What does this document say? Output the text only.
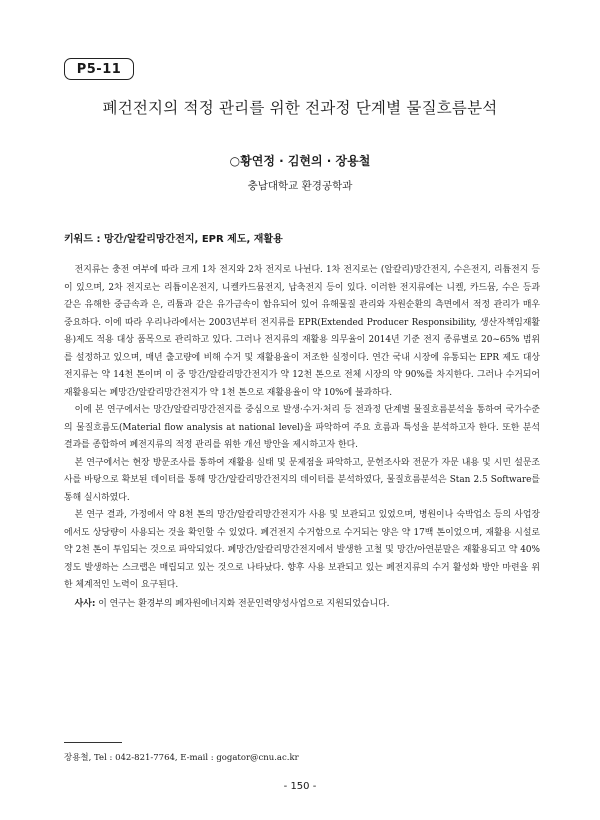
P5-11
폐건전지의 적정 관리를 위한 전과정 단계별 물질흐름분석
○황연정 · 김현의 · 장용철
충남대학교 환경공학과
키워드 : 망간/알칼리망간전지, EPR 제도, 재활용

전지류는 충전 여부에 따라 크게 1차 전지와 2차 전지로 나뉜다. 1차 전지로는 (알칼리)망간전지, 수은전지, 리튬전지 등이 있으며, 2차 전지로는 리튬이온전지, 니켈카드뮴전지, 납축전지 등이 있다. 이러한 전지류에는 니켈, 카드뮴, 수은 등과 같은 유해한 중금속과 은, 리튬과 같은 유가금속이 함유되어 있어 유해물질 관리와 자원순환의 측면에서 적정 관리가 매우 중요하다. 이에 따라 우리나라에서는 2003년부터 전지류를 EPR(Extended Producer Responsibility, 생산자책임재활용)제도 적용 대상 품목으로 관리하고 있다. 그러나 전지류의 재활용 의무율이 2014년 기준 전지 종류별로 20~65% 범위를 설정하고 있으며, 매년 출고량에 비해 수거 및 재활용율이 저조한 실정이다. 연간 국내 시장에 유통되는 EPR 제도 대상 전지류는 약 14천 톤이며 이 중 망간/알칼리망간전지가 약 12천 톤으로 전체 시장의 약 90%를 차지한다. 그러나 수거되어 재활용되는 폐망간/알칼리망간전지가 약 1천 톤으로 재활용율이 약 10%에 불과하다.

이에 본 연구에서는 망간/알칼리망간전지를 중심으로 발생·수거·처리 등 전과정 단계별 물질흐름분석을 통하여 국가수준의 물질흐름도(Material flow analysis at national level)을 파악하여 주요 흐름과 특성을 분석하고자 한다. 또한 분석 결과를 종합하여 폐전지류의 적정 관리를 위한 개선 방안을 제시하고자 한다.

본 연구에서는 현장 방문조사를 통하여 재활용 실태 및 문제점을 파악하고, 문헌조사와 전문가 자문 내용 및 시민 설문조사를 바탕으로 확보된 데이터를 통해 망간/알칼리망간전지의 데이터를 분석하였다, 물질흐름분석은 Stan 2.5 Software를 통해 실시하였다.

본 연구 결과, 가정에서 약 8천 톤의 망간/알칼리망간전지가 사용 및 보관되고 있었으며, 병원이나 숙박업소 등의 사업장에서도 상당량이 사용되는 것을 확인할 수 있었다. 폐건전지 수거함으로 수거되는 양은 약 17백 톤이었으며, 재활용 시설로 약 2천 톤이 투입되는 것으로 파악되었다. 폐망간/알칼리망간전지에서 발생한 고철 및 망간/아연분말은 재활용되고 약 40%정도 발생하는 스크랩은 매립되고 있는 것으로 나타났다. 향후 사용 보관되고 있는 폐전지류의 수거 활성화 방안 마련을 위한 체계적인 노력이 요구된다.

사사: 이 연구는 환경부의 폐자원에너지화 전문인력양성사업으로 지원되었습니다.
장용철, Tel : 042-821-7764, E-mail : gogator@cnu.ac.kr
- 150 -
